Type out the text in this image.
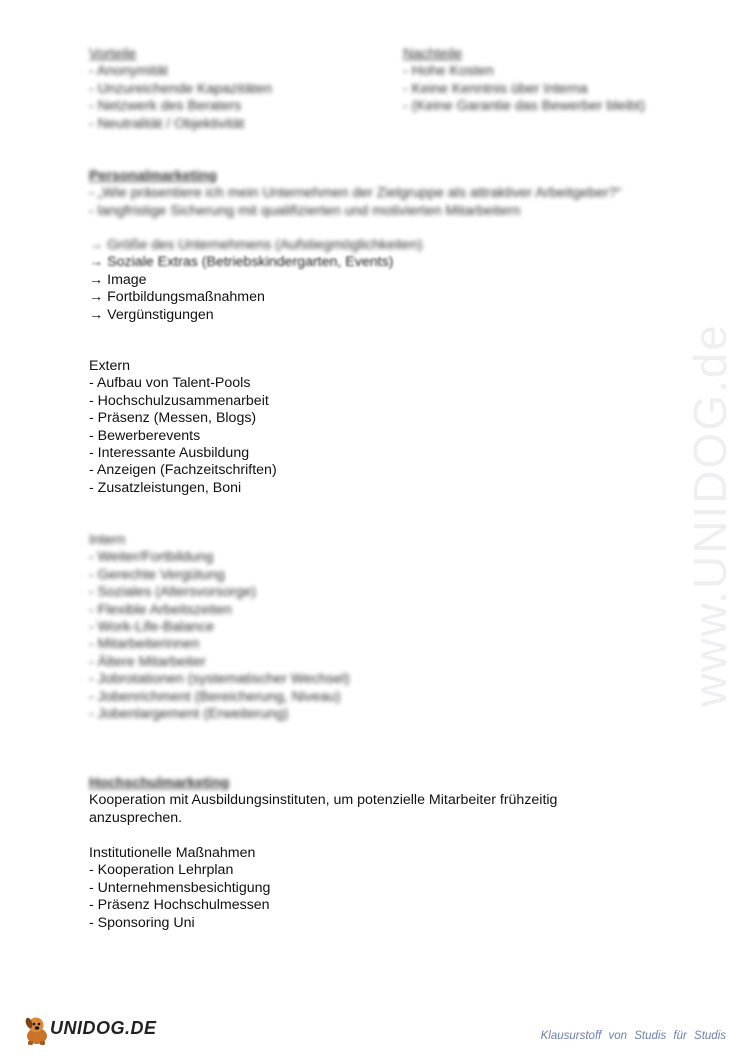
www.UNIDOG.de
Vorteile
- Anonymität
- Unzureichende Kapazitäten
- Netzwerk des Beraters
- Neutralität / Objektivität
Nachteile
- Hohe Kosten
- Keine Kenntnis über Interna
- (Keine Garantie das Bewerber bleibt)
Personalmarketing
- „Wie präsentiere ich mein Unternehmen der Zielgruppe als attraktiver Arbeitgeber?“
- langfristige Sicherung mit qualifizierten und motivierten Mitarbeitern
→ Größe des Unternehmens (Aufstiegmöglichkeiten)
→ Soziale Extras (Betriebskindergarten, Events)
→ Image
→ Fortbildungsmaßnahmen
→ Vergünstigungen
Extern
- Aufbau von Talent-Pools
- Hochschulzusammenarbeit
- Präsenz (Messen, Blogs)
- Bewerberevents
- Interessante Ausbildung
- Anzeigen (Fachzeitschriften)
- Zusatzleistungen, Boni
Intern
- Weiter/Fortbildung
- Gerechte Vergütung
- Soziales (Altersvorsorge)
- Flexible Arbeitszeiten
- Work-Life-Balance
- Mitarbeiterinnen
- Ältere Mitarbeiter
- Jobrotationen (systematischer Wechsel)
- Jobenrichment (Bereicherung, Niveau)
- Jobenlargement (Erweiterung)
Hochschulmarketing
Kooperation mit Ausbildungsinstituten, um potenzielle Mitarbeiter frühzeitig
anzusprechen.
Institutionelle Maßnahmen
- Kooperation Lehrplan
- Unternehmensbesichtigung
- Präsenz Hochschulmessen
- Sponsoring Uni
UNIDOG.DE	Klausurstoff von Studis für Studis
